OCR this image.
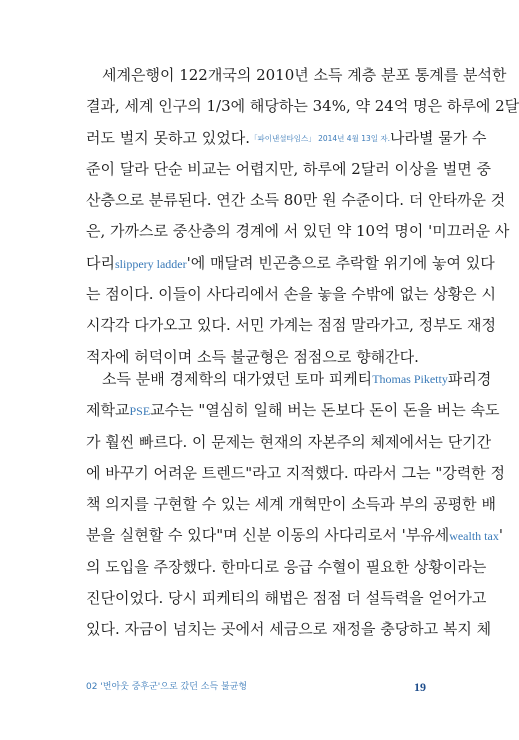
세계은행이 122개국의 2010년 소득 계층 분포 통계를 분석한
결과, 세계 인구의 1/3에 해당하는 34%, 약 24억 명은 하루에 2달
러도 벌지 못하고 있었다. 「파이낸셜타임스」 2014년 4월 13일 자. 나라별 물가 수
준이 달라 단순 비교는 어렵지만, 하루에 2달러 이상을 벌면 중
산층으로 분류된다. 연간 소득 80만 원 수준이다. 더 안타까운 것
은, 가까스로 중산층의 경계에 서 있던 약 10억 명이 '미끄러운 사
다리slippery ladder '에 매달려 빈곤층으로 추락할 위기에 놓여 있다
는 점이다. 이들이 사다리에서 손을 놓을 수밖에 없는 상황은 시
시각각 다가오고 있다. 서민 가계는 점점 말라가고, 정부도 재정
적자에 허덕이며 소득 불균형은 점점으로 향해간다.
소득 분배 경제학의 대가였던 토마 피케티 Thomas Piketty 파리경
제학교PSE 교수는 "열심히 일해 버는 돈보다 돈이 돈을 버는 속도
가 훨씬 빠르다. 이 문제는 현재의 자본주의 체제에서는 단기간
에 바꾸기 어려운 트렌드"라고 지적했다. 따라서 그는 "강력한 정
책 의지를 구현할 수 있는 세계 개혁만이 소득과 부의 공평한 배
분을 실현할 수 있다"며 신분 이동의 사다리로서 '부유세 wealth tax'
의 도입을 주장했다. 한마디로 응급 수혈이 필요한 상황이라는
진단이었다. 당시 피케티의 해법은 점점 더 설득력을 얻어가고
있다. 자금이 넘치는 곳에서 세금으로 재정을 충당하고 복지 체
02 '번아웃 중후군'으로 갔던 소득 불균형	19
